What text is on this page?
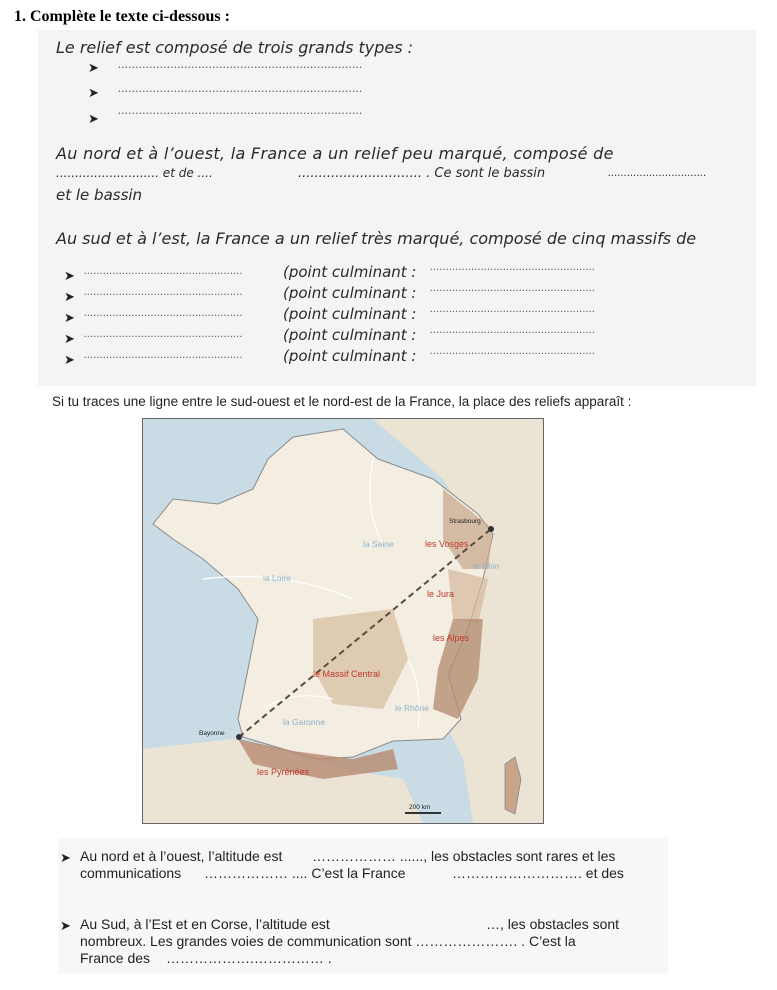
1. Complète le texte ci-dessous :
Le relief est composé de trois grands types :
➤ ......................................................................
➤ ......................................................................
➤
......................................................................
Au nord et à l’ouest, la France a un relief peu marqué, composé de
........................... et de ....	.............................. . Ce sont le bassin	...............................
et le bassin
Au sud et à l’est, la France a un relief très marqué, composé de cinq massifs de
➤ ..................................................	(point culminant : ....................................................
➤ ..................................................	(point culminant : ....................................................
➤ ..................................................	(point culminant : ....................................................
➤ ..................................................	(point culminant : ....................................................
➤ ..................................................	(point culminant : ....................................................
Si tu traces une ligne entre le sud-ouest et le nord-est de la France, la place des reliefs apparaît :
Strasbourg
Bayonne
les Vosges
le Jura
les Alpes
le Massif Central
les Pyrénées
la Seine
la Loire
le Rhin
la Garonne
le Rhône
200 km
➤ Au nord et à l’ouest, l’altitude est ……………… ......, les obstacles sont rares et les
communications ……………… .... C’est la France	………………………. et des
➤ Au Sud, à l’Est et en Corse, l’altitude est	…, les obstacles sont
nombreux. Les grandes voies de communication sont …………………. . C’est la
France des ……………….…………… .
